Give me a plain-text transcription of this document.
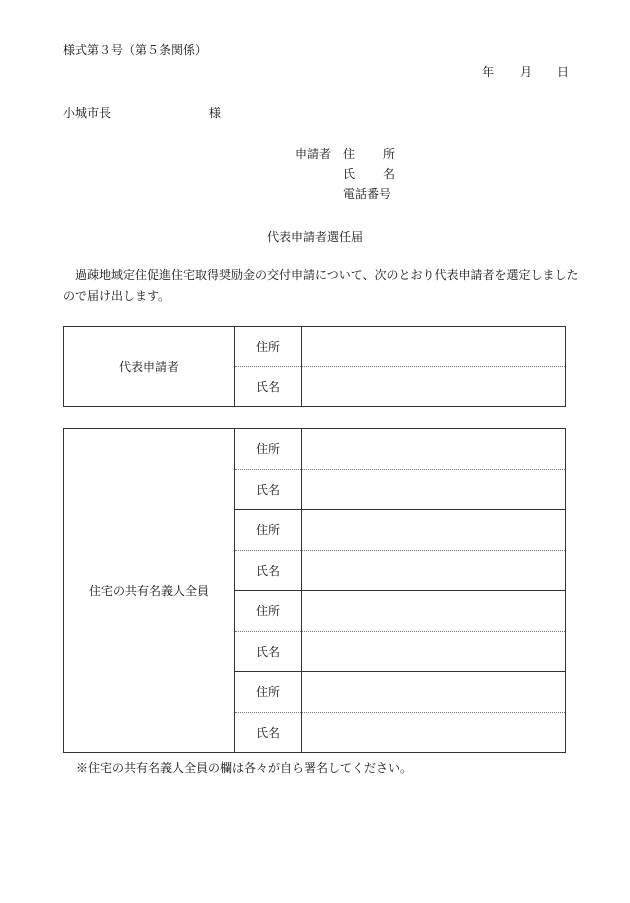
様式第３号（第５条関係）
年 月 日
小城市長	様
申請者 住　所
氏　名
電話番号
代表申請者選任届
過疎地域定住促進住宅取得奨励金の交付申請について、次のとおり代表申請者を選定しましたので届け出します。
代表申請者	住所	
	氏名	
住宅の共有名義人全員	住所	
	氏名	
	住所	
	氏名	
	住所	
	氏名	
	住所	
	氏名	
※住宅の共有名義人全員の欄は各々が自ら署名してください。
